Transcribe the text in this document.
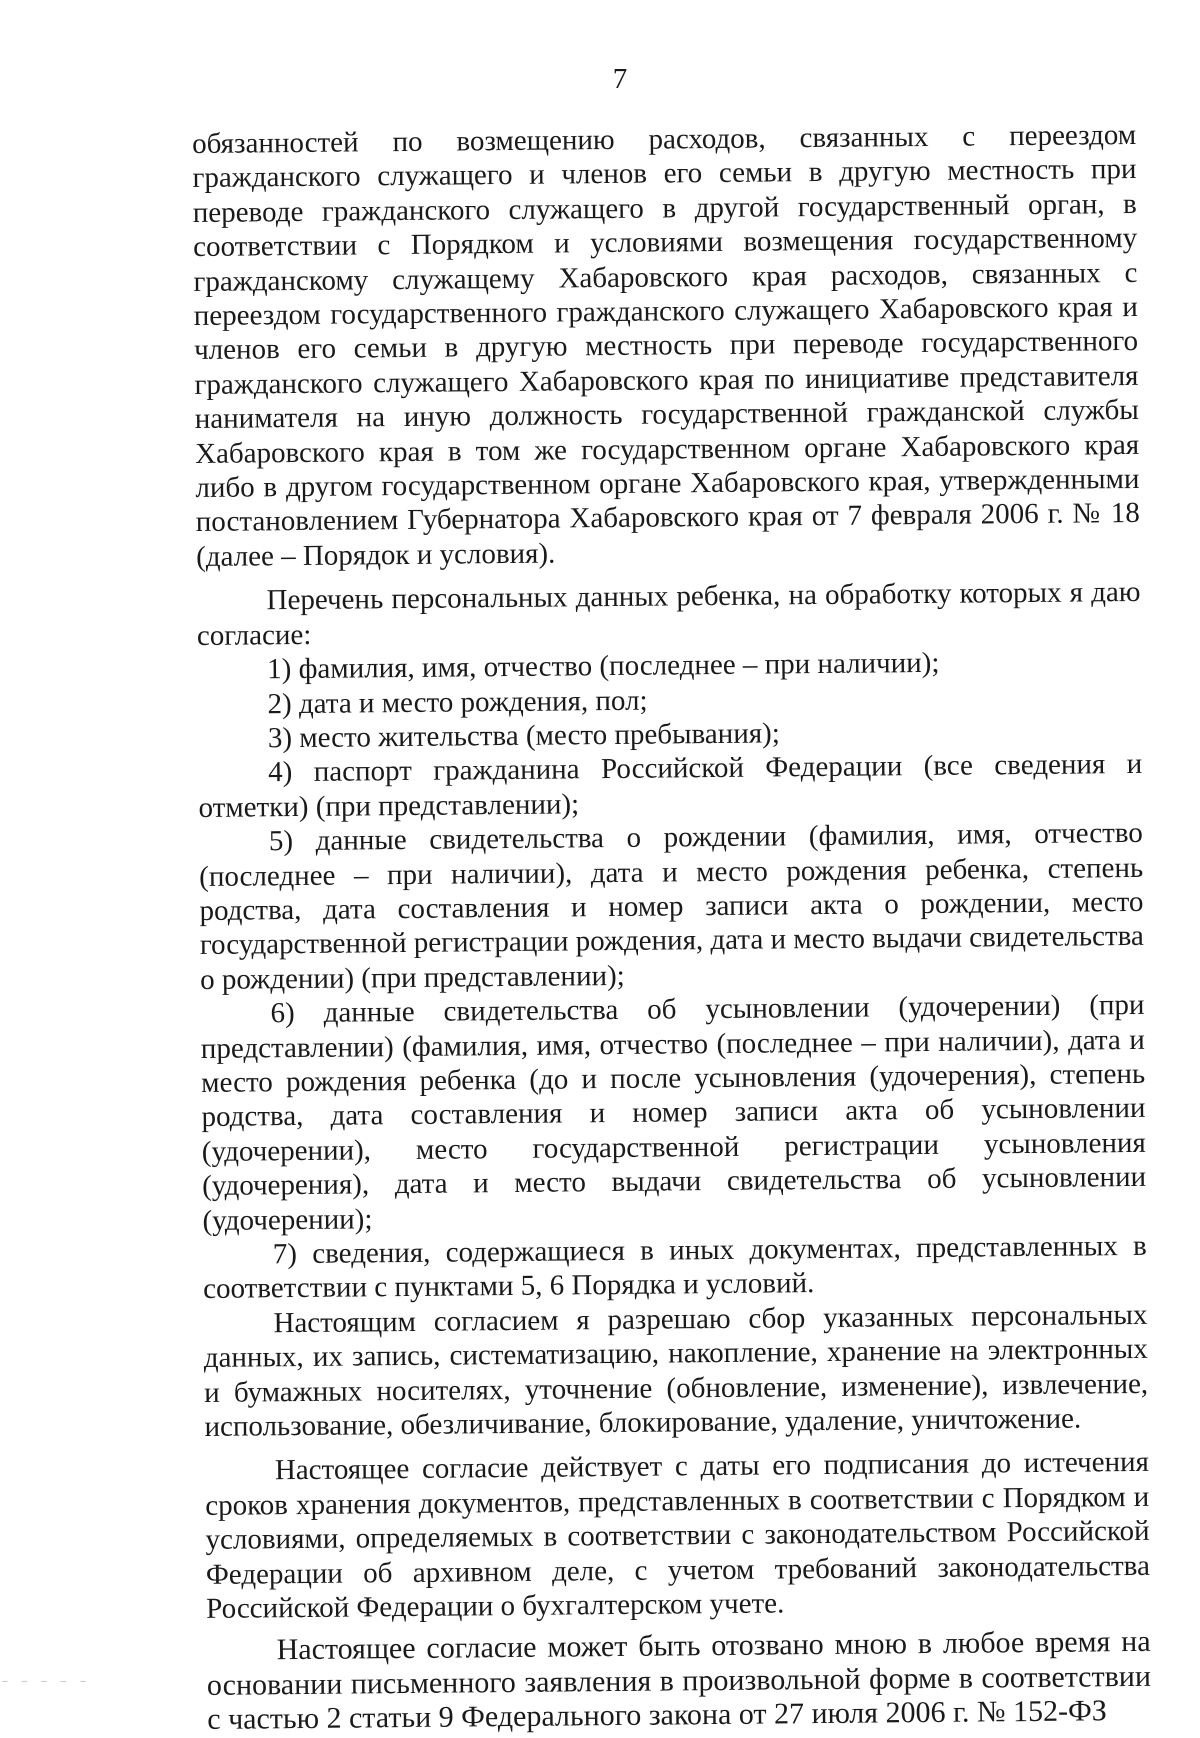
7

обязанностей по возмещению расходов, связанных с переездом гражданского служащего и членов его семьи в другую местность при переводе гражданского служащего в другой государственный орган, в соответствии с Порядком и условиями возмещения государственному гражданскому служащему Хабаровского края расходов, связанных с переездом государственного гражданского служащего Хабаровского края и членов его семьи в другую местность при переводе государственного гражданского служащего Хабаровского края по инициативе представителя нанимателя на иную должность государственной гражданской службы Хабаровского края в том же государственном органе Хабаровского края либо в другом государственном органе Хабаровского края, утвержденными постановлением Губернатора Хабаровского края от 7 февраля 2006 г. № 18 (далее – Порядок и условия).

Перечень персональных данных ребенка, на обработку которых я даю согласие:

1) фамилия, имя, отчество (последнее – при наличии);

2) дата и место рождения, пол;

3) место жительства (место пребывания);

4) паспорт гражданина Российской Федерации (все сведения и отметки) (при представлении);

5) данные свидетельства о рождении (фамилия, имя, отчество (последнее – при наличии), дата и место рождения ребенка, степень родства, дата составления и номер записи акта о рождении, место государственной регистрации рождения, дата и место выдачи свидетельства о рождении) (при представлении);

6) данные свидетельства об усыновлении (удочерении) (при представлении) (фамилия, имя, отчество (последнее – при наличии), дата и место рождения ребенка (до и после усыновления (удочерения), степень родства, дата составления и номер записи акта об усыновлении (удочерении), место государственной регистрации усыновления (удочерения), дата и место выдачи свидетельства об усыновлении (удочерении);

7) сведения, содержащиеся в иных документах, представленных в соответствии с пунктами 5, 6 Порядка и условий.

Настоящим согласием я разрешаю сбор указанных персональных данных, их запись, систематизацию, накопление, хранение на электронных и бумажных носителях, уточнение (обновление, изменение), извлечение, использование, обезличивание, блокирование, удаление, уничтожение.

Настоящее согласие действует с даты его подписания до истечения сроков хранения документов, представленных в соответствии с Порядком и условиями, определяемых в соответствии с законодательством Российской Федерации об архивном деле, с учетом требований законодательства Российской Федерации о бухгалтерском учете.

Настоящее согласие может быть отозвано мною в любое время на основании письменного заявления в произвольной форме в соответствии с частью 2 статьи 9 Федерального закона от 27 июля 2006 г. № 152-ФЗ

–––––
